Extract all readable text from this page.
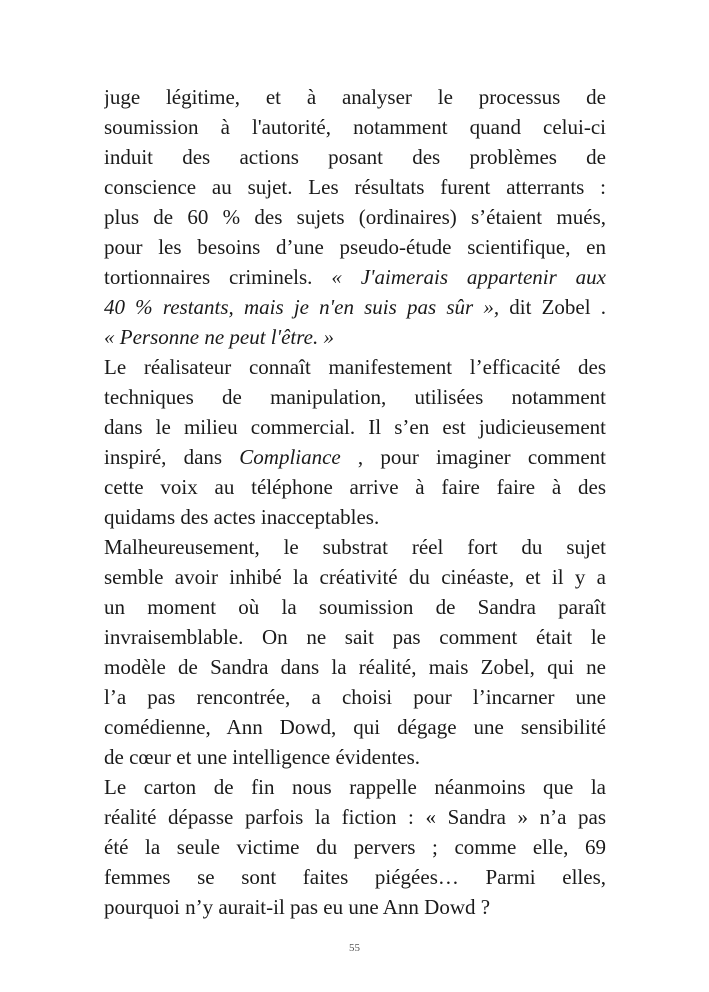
juge légitime, et à analyser le processus de
soumission à l'autorité, notamment quand celui-ci
induit des actions posant des problèmes de
conscience au sujet. Les résultats furent atterrants :
plus de 60 % des sujets (ordinaires) s’étaient mués,
pour les besoins d’une pseudo-étude scientifique, en
tortionnaires criminels. « J'aimerais appartenir aux
40 % restants, mais je n'en suis pas sûr », dit Zobel .
« Personne ne peut l'être. »
Le réalisateur connaît manifestement l’efficacité des
techniques de manipulation, utilisées notamment
dans le milieu commercial. Il s’en est judicieusement
inspiré, dans Compliance , pour imaginer comment
cette voix au téléphone arrive à faire faire à des
quidams des actes inacceptables.
Malheureusement, le substrat réel fort du sujet
semble avoir inhibé la créativité du cinéaste, et il y a
un moment où la soumission de Sandra paraît
invraisemblable. On ne sait pas comment était le
modèle de Sandra dans la réalité, mais Zobel, qui ne
l’a pas rencontrée, a choisi pour l’incarner une
comédienne, Ann Dowd, qui dégage une sensibilité
de cœur et une intelligence évidentes.
Le carton de fin nous rappelle néanmoins que la
réalité dépasse parfois la fiction : « Sandra » n’a pas
été la seule victime du pervers ; comme elle, 69
femmes se sont faites piégées… Parmi elles,
pourquoi n’y aurait-il pas eu une Ann Dowd ?
55
